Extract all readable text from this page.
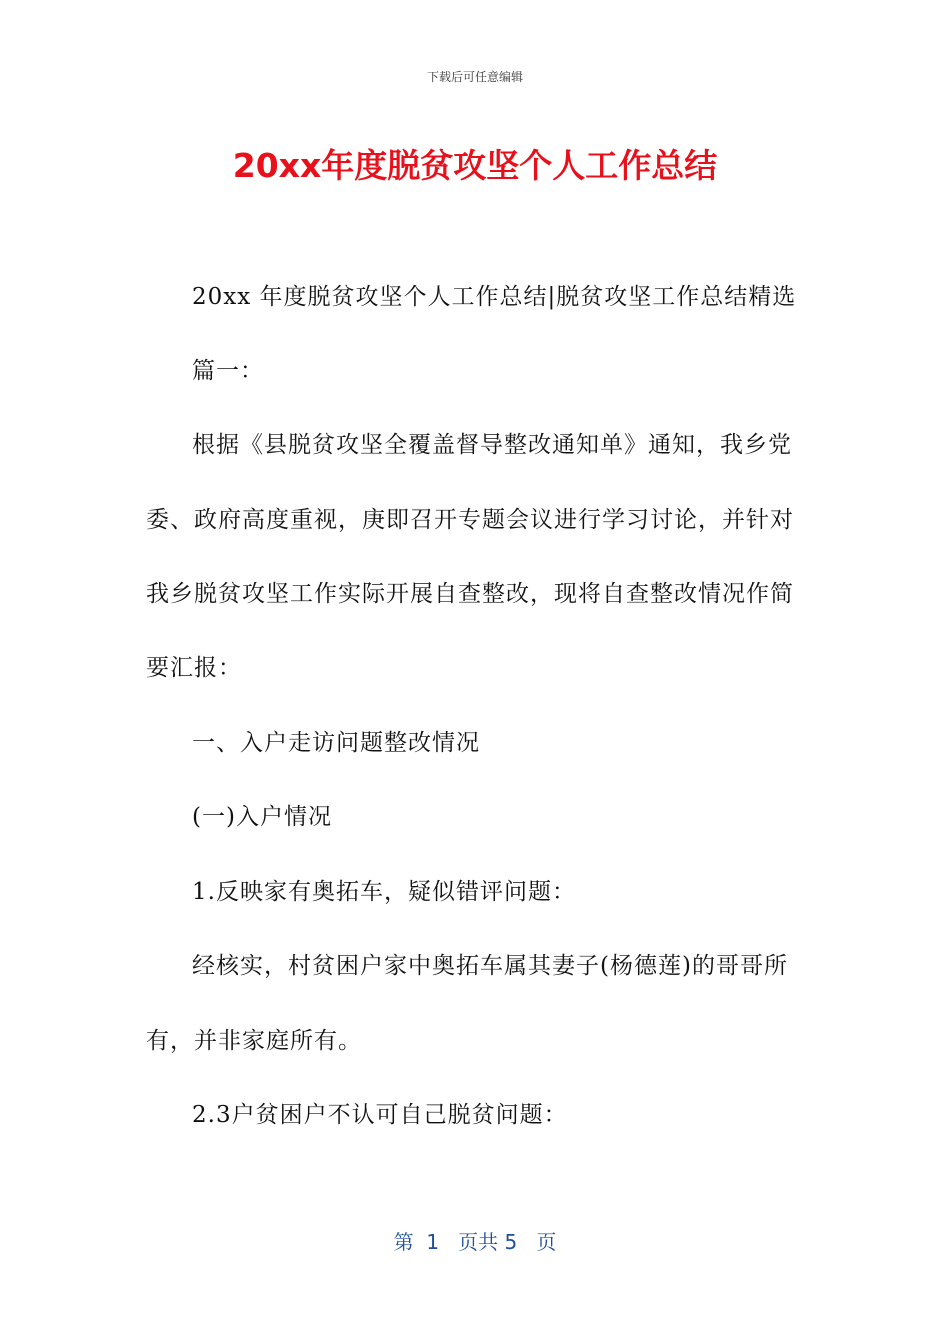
下载后可任意编辑
20xx年度脱贫攻坚个人工作总结
20xx 年度脱贫攻坚个人工作总结|脱贫攻坚工作总结精选
篇一：
根据《县脱贫攻坚全覆盖督导整改通知单》通知，我乡党
委、政府高度重视，庚即召开专题会议进行学习讨论，并针对
我乡脱贫攻坚工作实际开展自查整改，现将自查整改情况作简
要汇报：
一、入户走访问题整改情况
(一)入户情况
1.反映家有奥拓车，疑似错评问题：
经核实，村贫困户家中奥拓车属其妻子(杨德莲)的哥哥所
有，并非家庭所有。
2.3户贫困户不认可自己脱贫问题：
第  1   页共 5   页
